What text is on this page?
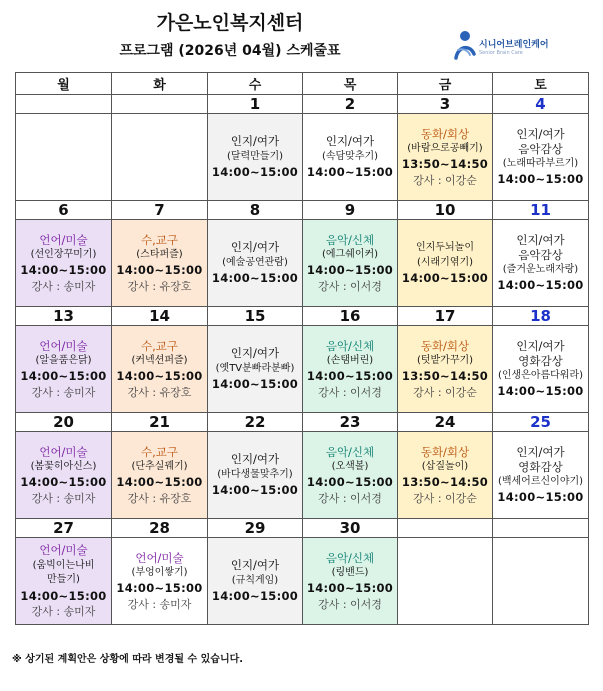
가은노인복지센터
프로그램 (2026년 04월) 스케줄표	시니어브레인케어
Senior Brain Care
월	화	수	목	금	토
		1	2	3	4

		인지/여가
(달력만들기)
14:00~15:00	인지/여가
(속담맞추기)
14:00~15:00	동화/회상
(바람으로공빼기)
13:50~14:50
강사 : 이강순	인지/여가
음악감상
(노래따라부르기)
14:00~15:00

6	7	8	9	10	11

언어/미술
(선인장꾸미기)
14:00~15:00
강사 : 송미자	수,교구
(스타퍼즐)
14:00~15:00
강사 : 유장호	인지/여가
(예술공연관람)
14:00~15:00	음악/신체
(에그쉐이커)
14:00~15:00
강사 : 이서경	인지두뇌놀이
(시래기엮기)
14:00~15:00	인지/여가
음악감상
(즐거운노래자랑)
14:00~15:00

13	14	15	16	17	18

언어/미술
(알을품은닭)
14:00~15:00
강사 : 송미자	수,교구
(커넥션퍼즐)
14:00~15:00
강사 : 유장호	인지/여가
(옛TV분빠라분빠)
14:00~15:00	음악/신체
(손탬버린)
14:00~15:00
강사 : 이서경	동화/회상
(텃밭가꾸기)
13:50~14:50
강사 : 이강순	인지/여가
영화감상
(인생은아름다워라)
14:00~15:00

20	21	22	23	24	25

언어/미술
(봄꽃히아신스)
14:00~15:00
강사 : 송미자	수,교구
(단추실꿰기)
14:00~15:00
강사 : 유장호	인지/여가
(바다생물맞추기)
14:00~15:00	음악/신체
(오색볼)
14:00~15:00
강사 : 이서경	동화/회상
(삽질놀이)
13:50~14:50
강사 : 이강순	인지/여가
영화감상
(백세어르신이야기)
14:00~15:00

27	28	29	30		

언어/미술
(움빅이는나비
만들기)
14:00~15:00
강사 : 송미자	언어/미술
(부엉이쌓기)
14:00~15:00
강사 : 송미자	인지/여가
(규칙게임)
14:00~15:00	음악/신체
(링밴드)
14:00~15:00
강사 : 이서경		

※ 상기된 계획안은 상황에 따라 변경될 수 있습니다.
